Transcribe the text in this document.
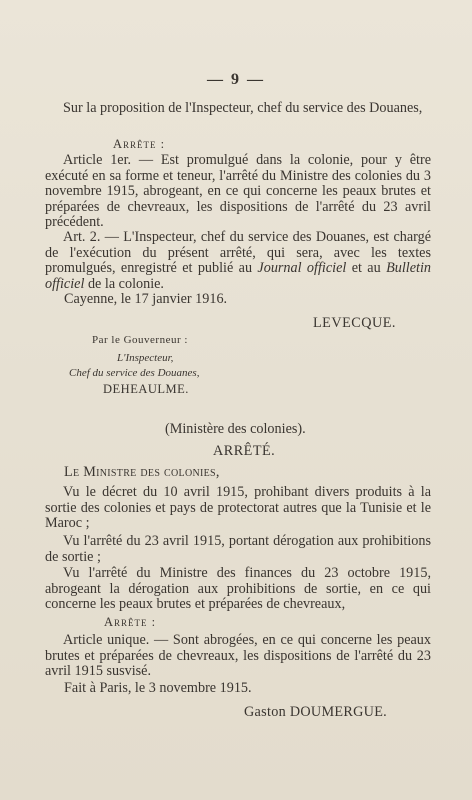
— 9 —
Sur la proposition de l'Inspecteur, chef du service des Douanes,
Arrête :
Article 1er. — Est promulgué dans la colonie, pour y être exécuté en sa forme et teneur, l'arrêté du Ministre des colonies du 3 novembre 1915, abrogeant, en ce qui concerne les peaux brutes et préparées de chevreaux, les dispositions de l'arrêté du 23 avril précédent.
Art. 2. — L'Inspecteur, chef du service des Douanes, est chargé de l'exécution du présent arrêté, qui sera, avec les textes promulgués, enregistré et publié au Journal officiel et au Bulletin officiel de la colonie.
Cayenne, le 17 janvier 1916.
LEVECQUE.
Par le Gouverneur :
L'Inspecteur,
Chef du service des Douanes,
DEHEAULME.
(Ministère des colonies).
ARRÊTÉ.
Le Ministre des colonies,
Vu le décret du 10 avril 1915, prohibant divers produits à la sortie des colonies et pays de protectorat autres que la Tunisie et le Maroc ;
Vu l'arrêté du 23 avril 1915, portant dérogation aux prohibitions de sortie ;
Vu l'arrêté du Ministre des finances du 23 octobre 1915, abrogeant la dérogation aux prohibitions de sortie, en ce qui concerne les peaux brutes et préparées de chevreaux,
Arrête :
Article unique. — Sont abrogées, en ce qui concerne les peaux brutes et préparées de chevreaux, les dispositions de l'arrêté du 23 avril 1915 susvisé.
Fait à Paris, le 3 novembre 1915.
Gaston DOUMERGUE.
